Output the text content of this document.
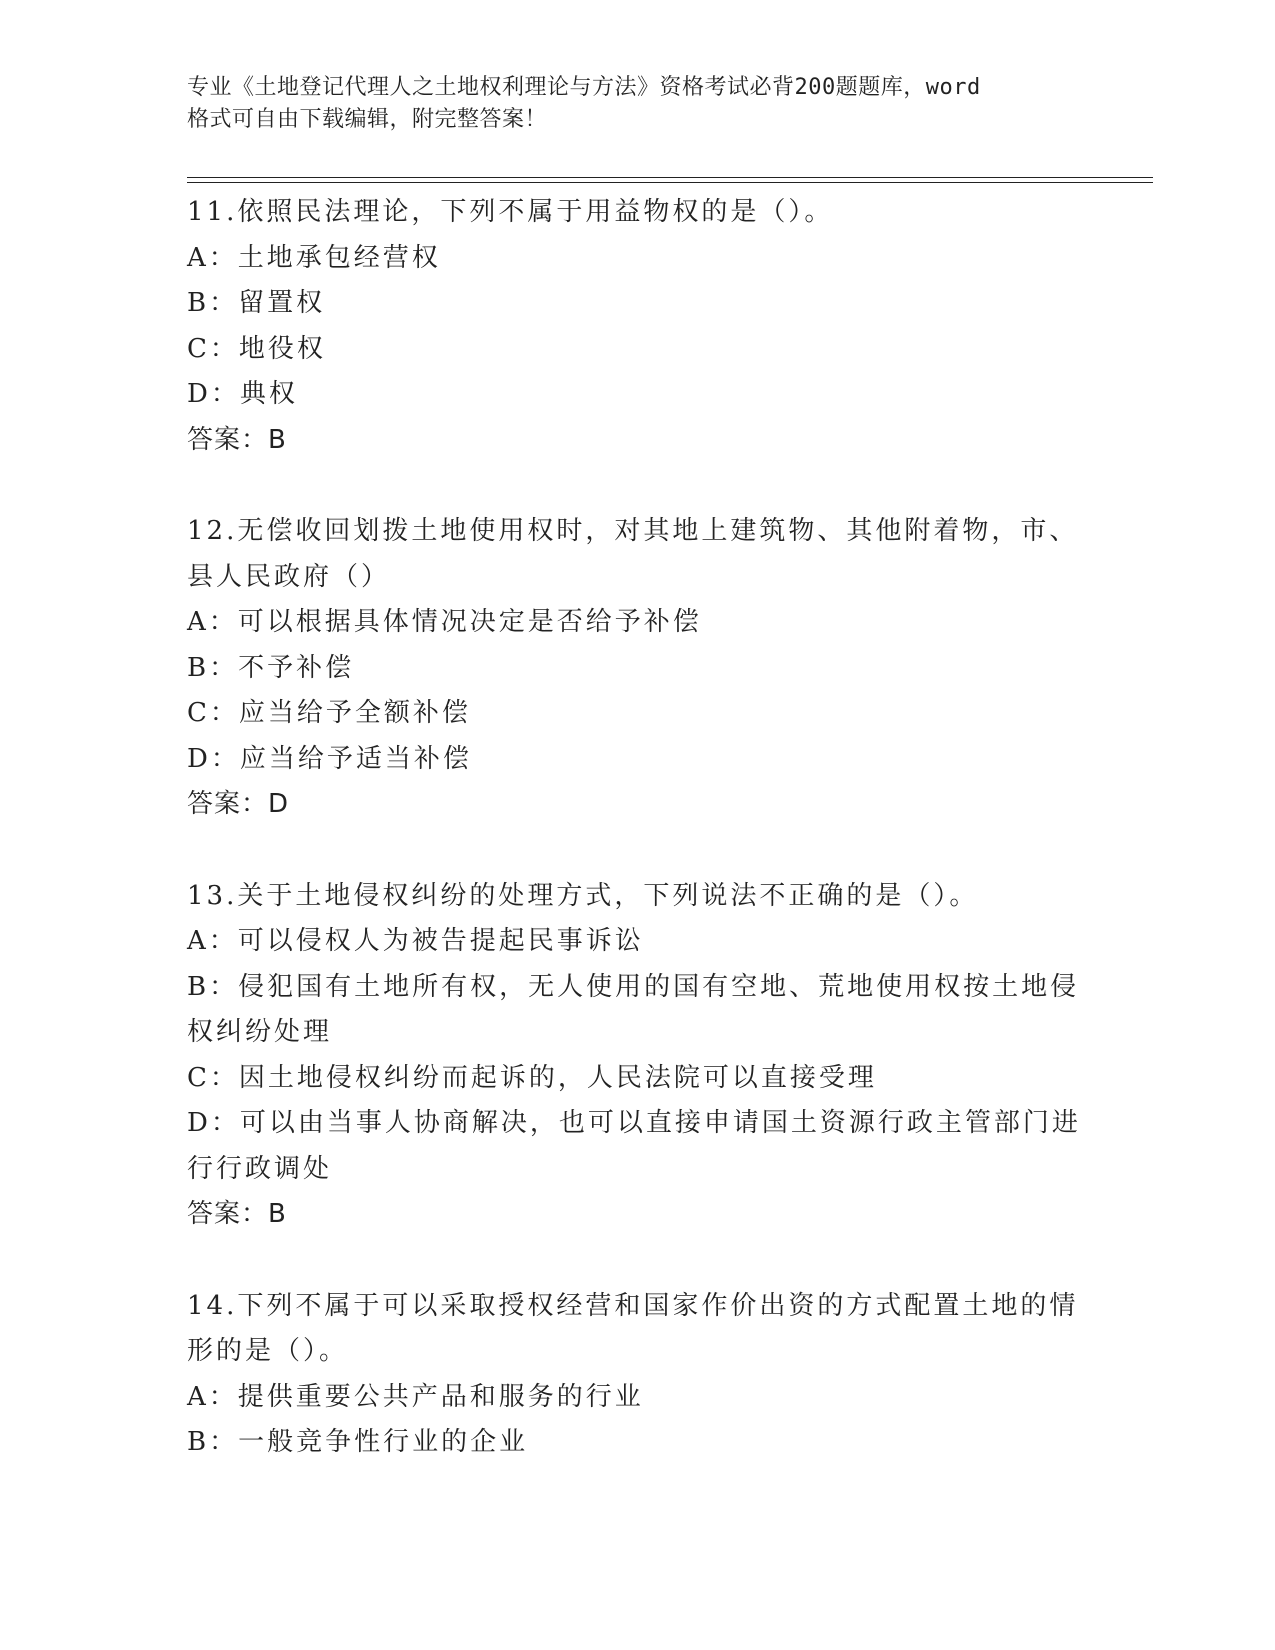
专业《土地登记代理人之土地权利理论与方法》资格考试必背200题题库，word
格式可自由下载编辑，附完整答案！
11.依照民法理论，下列不属于用益物权的是（）。
A：土地承包经营权
B：留置权
C：地役权
D：典权
答案：B
12.无偿收回划拨土地使用权时，对其地上建筑物、其他附着物，市、
县人民政府（）
A：可以根据具体情况决定是否给予补偿
B：不予补偿
C：应当给予全额补偿
D：应当给予适当补偿
答案：D
13.关于土地侵权纠纷的处理方式，下列说法不正确的是（）。
A：可以侵权人为被告提起民事诉讼
B：侵犯国有土地所有权，无人使用的国有空地、荒地使用权按土地侵
权纠纷处理
C：因土地侵权纠纷而起诉的，人民法院可以直接受理
D：可以由当事人协商解决，也可以直接申请国土资源行政主管部门进
行行政调处
答案：B
14.下列不属于可以采取授权经营和国家作价出资的方式配置土地的情
形的是（）。
A：提供重要公共产品和服务的行业
B：一般竞争性行业的企业
